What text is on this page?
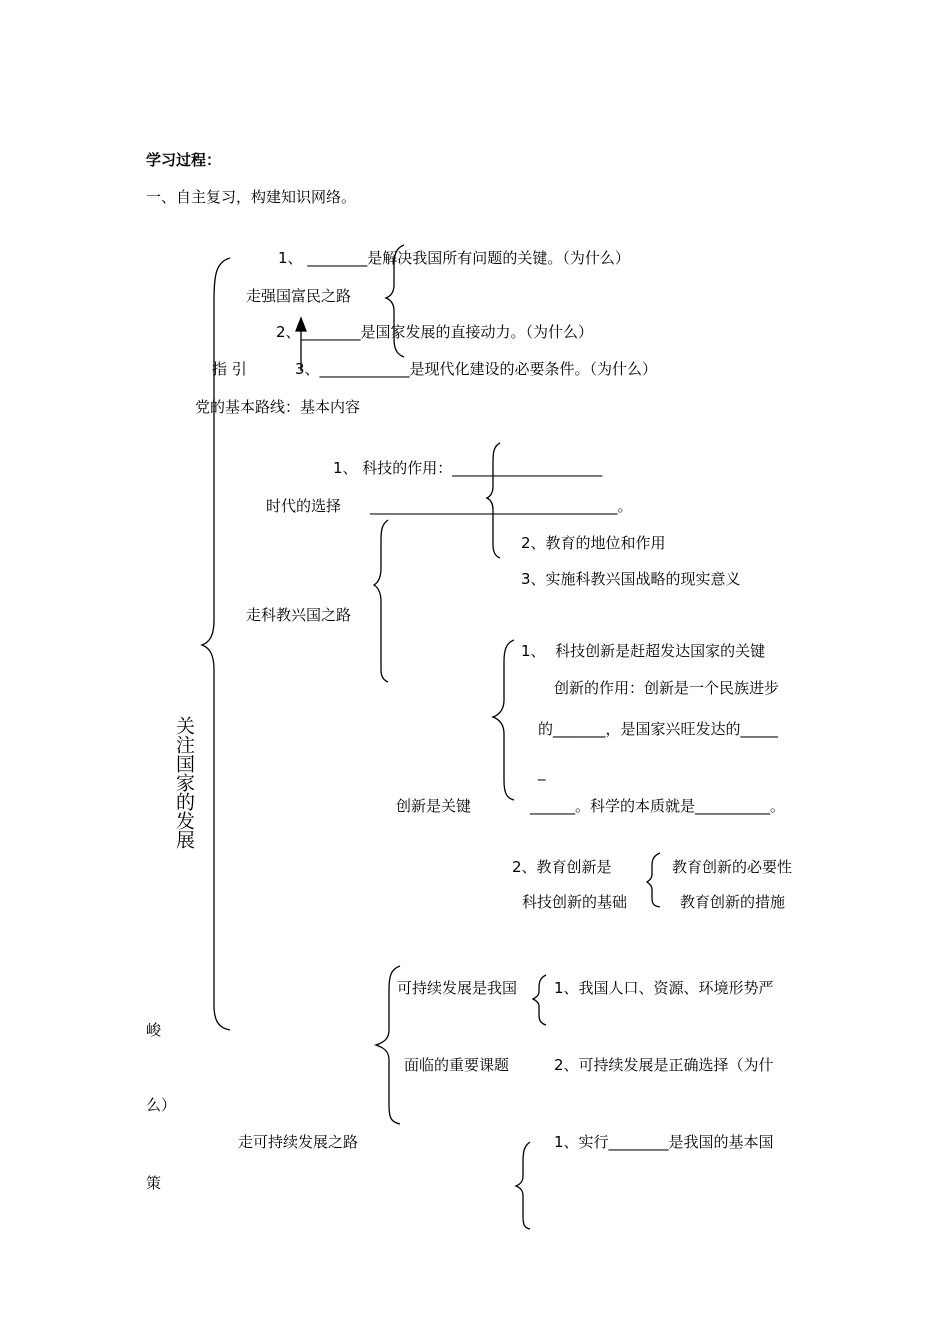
学习过程：
一、自主复习，构建知识网络。
1、 ________是解决我国所有问题的关键。（为什么）
走强国富民之路
2、________是国家发展的直接动力。（为什么）
指 引	3、____________是现代化建设的必要条件。（为什么）
党的基本路线：基本内容
关注国家的发展
1、 科技的作用：____________________
时代的选择 _________________________________。
2、教育的地位和作用
3、实施科教兴国战略的现实意义
走科教兴国之路
1、  科技创新是赶超发达国家的关键
创新的作用：创新是一个民族进步
的_______，是国家兴旺发达的_____
_
创新是关键	______。科学的本质就是__________。
2、教育创新是
科技创新的基础
教育创新的必要性
教育创新的措施
可持续发展是我国 1、我国人口、资源、环境形势严
峻
面临的重要课题	2、可持续发展是正确选择（为什
么）
走可持续发展之路	1、实行________是我国的基本国
策
